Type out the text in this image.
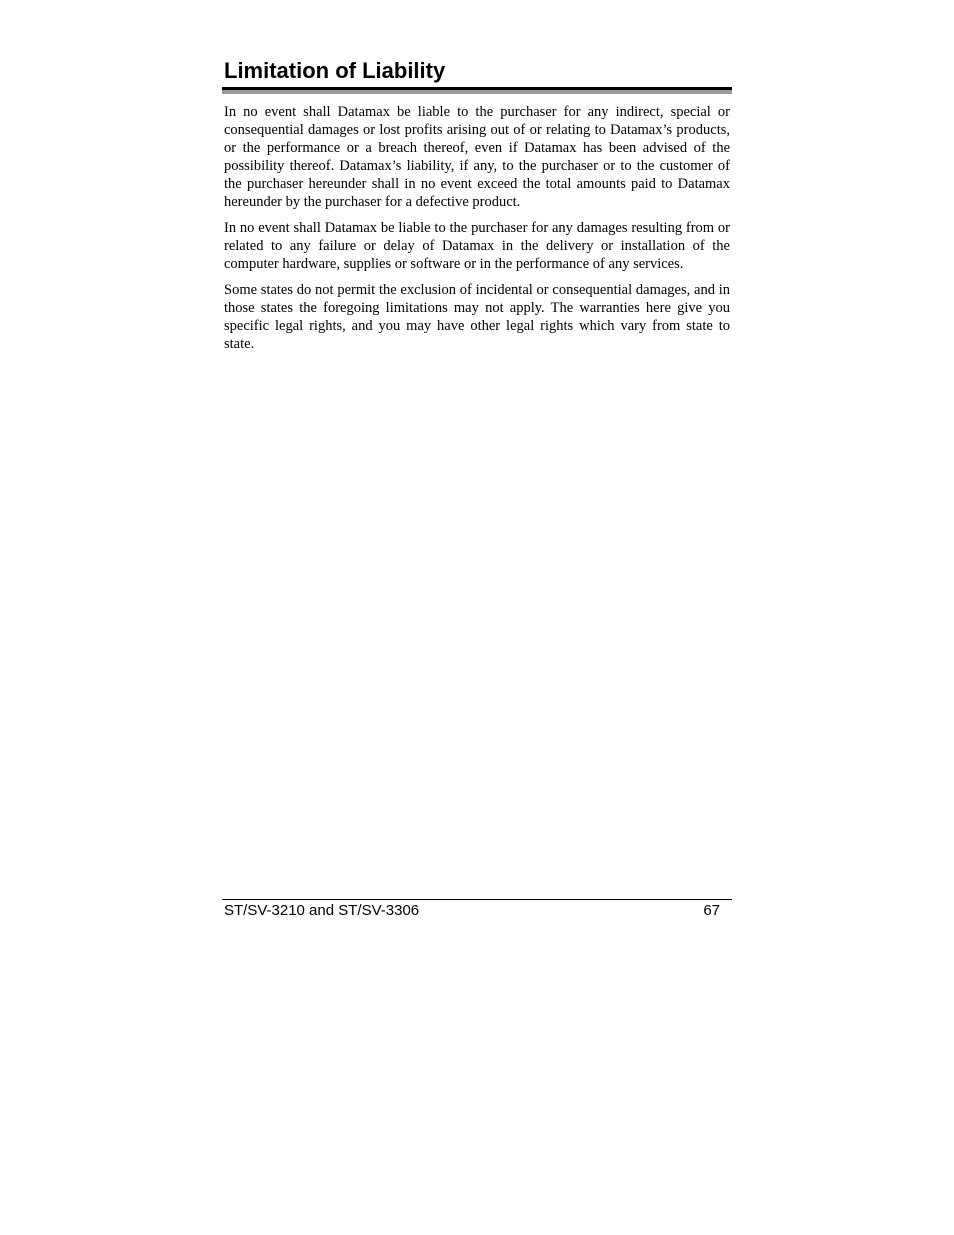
Limitation of Liability

In no event shall Datamax be liable to the purchaser for any indirect, special or consequential damages or lost profits arising out of or relating to Datamax’s products, or the performance or a breach thereof, even if Datamax has been advised of the possibility thereof. Datamax’s liability, if any, to the purchaser or to the customer of the purchaser hereunder shall in no event exceed the total amounts paid to Datamax hereunder by the purchaser for a defective product.

In no event shall Datamax be liable to the purchaser for any damages resulting from or related to any failure or delay of Datamax in the delivery or installation of the computer hardware, supplies or software or in the performance of any services.

Some states do not permit the exclusion of incidental or consequential damages, and in those states the foregoing limitations may not apply. The warranties here give you specific legal rights, and you may have other legal rights which vary from state to state.

ST/SV-3210 and ST/SV-3306	67
